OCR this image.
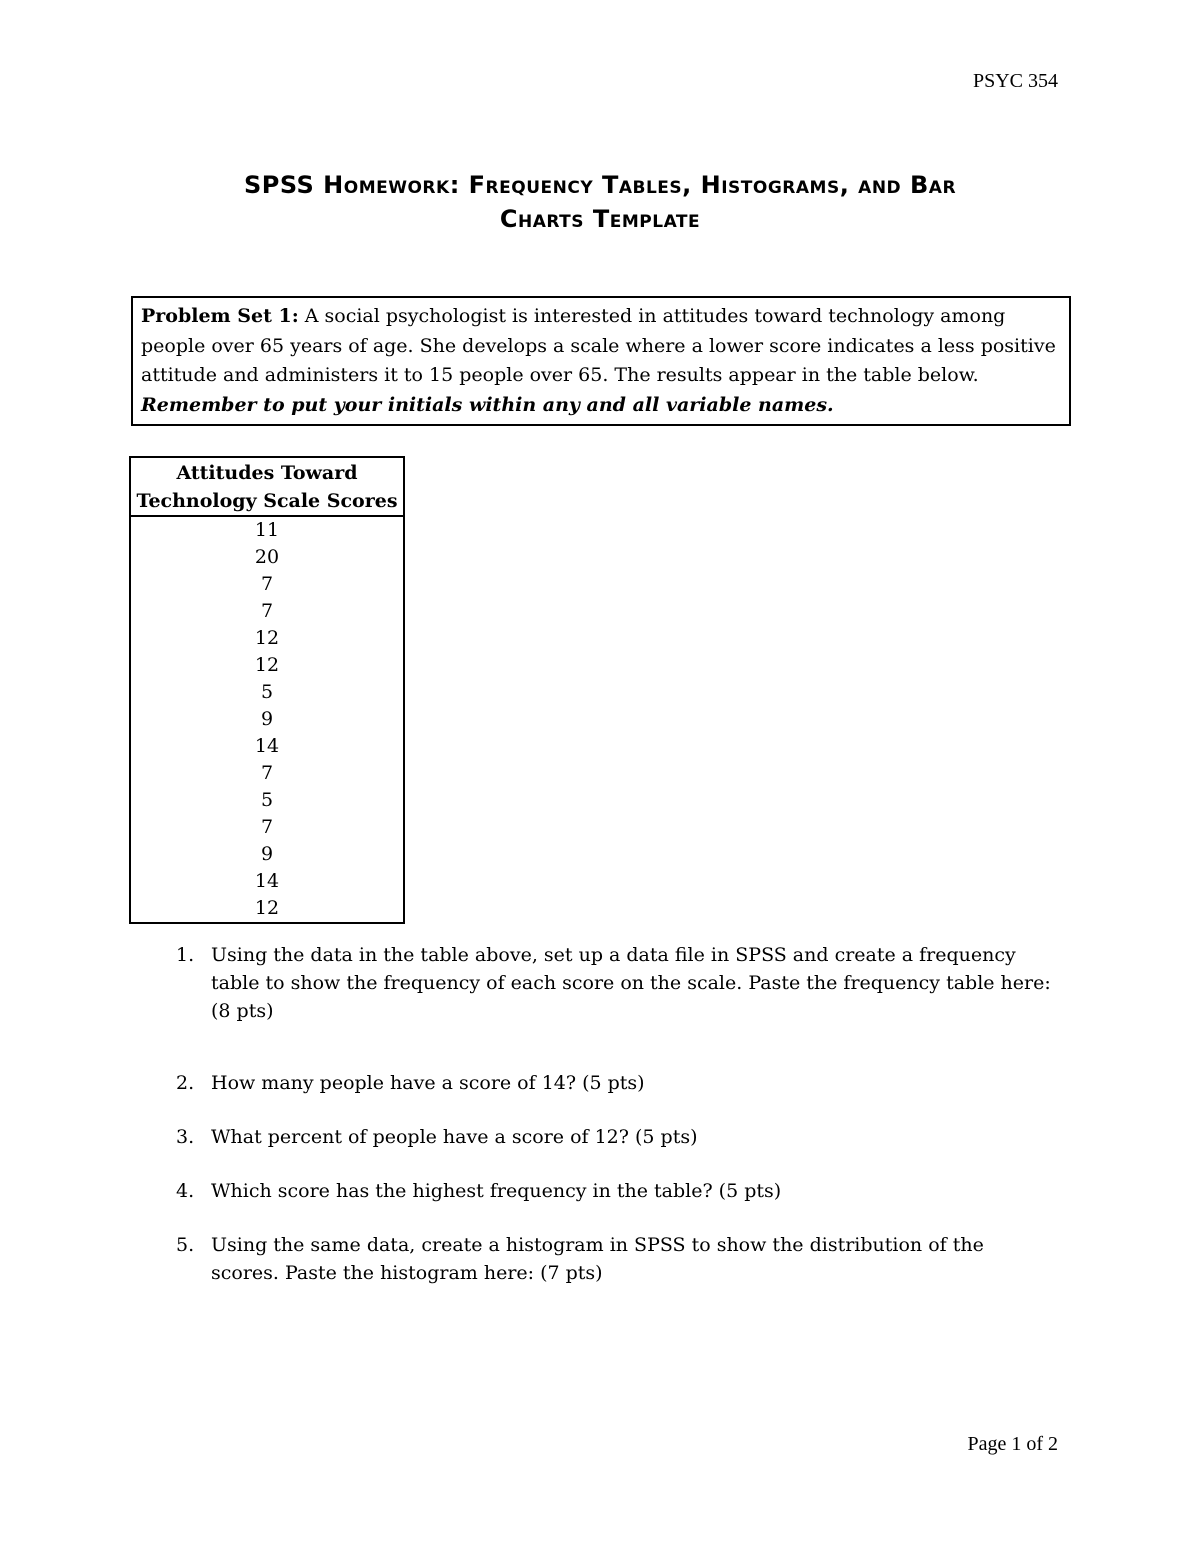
PSYC 354
SPSS Homework: Frequency Tables, Histograms, and Bar
Charts Template
Problem Set 1: A social psychologist is interested in attitudes toward technology among people over 65 years of age. She develops a scale where a lower score indicates a less positive attitude and administers it to 15 people over 65. The results appear in the table below. Remember to put your initials within any and all variable names.
Attitudes Toward
Technology Scale Scores
11
20
7
7
12
12
5
9
14
7
5
7
9
14
12
1. Using the data in the table above, set up a data file in SPSS and create a frequency table to show the frequency of each score on the scale. Paste the frequency table here: (8 pts)
2. How many people have a score of 14? (5 pts)
3. What percent of people have a score of 12? (5 pts)
4. Which score has the highest frequency in the table? (5 pts)
5. Using the same data, create a histogram in SPSS to show the distribution of the scores. Paste the histogram here: (7 pts)
Page 1 of 2
